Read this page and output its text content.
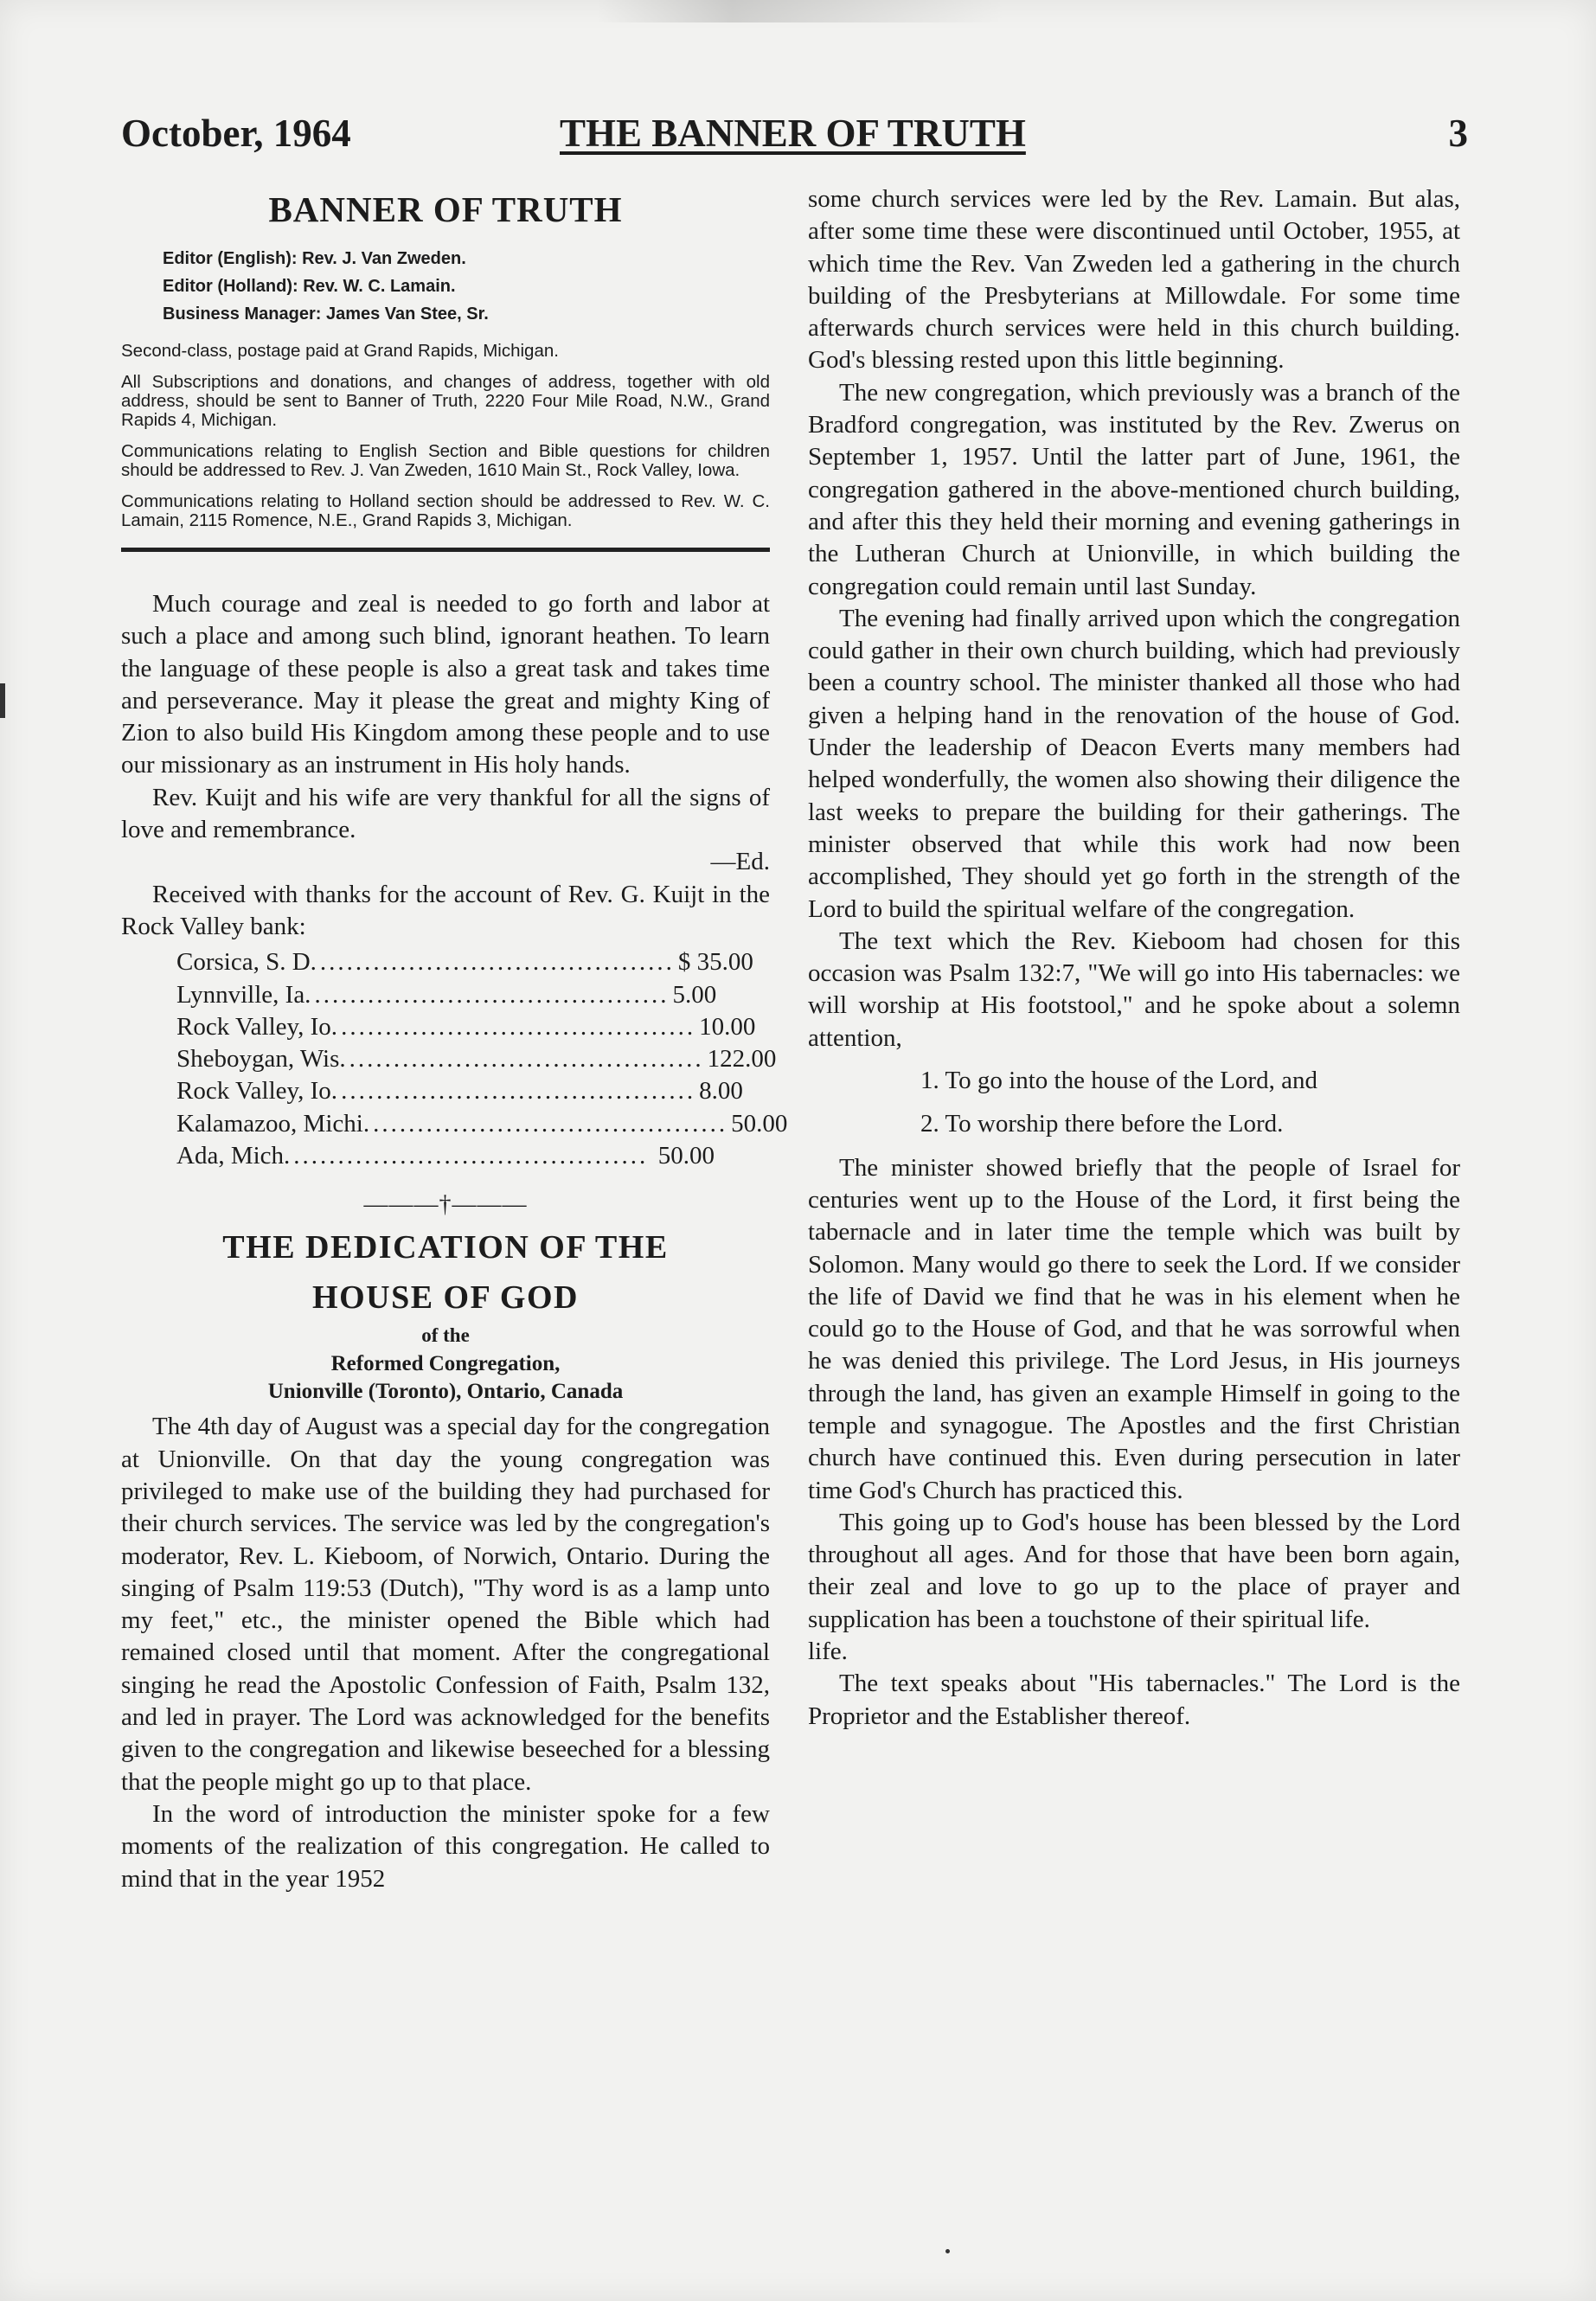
October, 1964	THE BANNER OF TRUTH	3
BANNER OF TRUTH
Editor (English): Rev. J. Van Zweden.
Editor (Holland): Rev. W. C. Lamain.
Business Manager: James Van Stee, Sr.
Second-class, postage paid at Grand Rapids, Michigan.
All Subscriptions and donations, and changes of address, together with old address, should be sent to Banner of Truth, 2220 Four Mile Road, N.W., Grand Rapids 4, Michigan.
Communications relating to English Section and Bible questions for children should be addressed to Rev. J. Van Zweden, 1610 Main St., Rock Valley, Iowa.
Communications relating to Holland section should be addressed to Rev. W. C. Lamain, 2115 Romence, N.E., Grand Rapids 3, Michigan.

Much courage and zeal is needed to go forth and labor at such a place and among such blind, ignorant heathen. To learn the language of these people is also a great task and takes time and perseverance. May it please the great and mighty King of Zion to also build His Kingdom among these people and to use our missionary as an instrument in His holy hands.

Rev. Kuijt and his wife are very thankful for all the signs of love and remembrance.

—Ed.

Received with thanks for the account of Rev. G. Kuijt in the Rock Valley bank:

Corsica, S. D. ........................................ $ 35.00
Lynnville, Ia. ........................................ 5.00
Rock Valley, Io. ........................................ 10.00
Sheboygan, Wis. ........................................ 122.00
Rock Valley, Io. ........................................ 8.00
Kalamazoo, Michi. ........................................ 50.00
Ada, Mich. ........................................ 50.00
———†———
THE DEDICATION OF THE
HOUSE OF GOD
of the
Reformed Congregation,
Unionville (Toronto), Ontario, Canada

The 4th day of August was a special day for the congregation at Unionville. On that day the young congregation was privileged to make use of the building they had purchased for their church services. The service was led by the congregation's moderator, Rev. L. Kieboom, of Norwich, Ontario. During the singing of Psalm 119:53 (Dutch), "Thy word is as a lamp unto my feet," etc., the minister opened the Bible which had remained closed until that moment. After the congregational singing he read the Apostolic Confession of Faith, Psalm 132, and led in prayer. The Lord was acknowledged for the benefits given to the congregation and likewise beseeched for a blessing that the people might go up to that place.

In the word of introduction the minister spoke for a few moments of the realization of this congregation. He called to mind that in the year 1952

some church services were led by the Rev. Lamain. But alas, after some time these were discontinued until October, 1955, at which time the Rev. Van Zweden led a gathering in the church building of the Presbyterians at Millowdale. For some time afterwards church services were held in this church building. God's blessing rested upon this little beginning.

The new congregation, which previously was a branch of the Bradford congregation, was instituted by the Rev. Zwerus on September 1, 1957. Until the latter part of June, 1961, the congregation gathered in the above-mentioned church building, and after this they held their morning and evening gatherings in the Lutheran Church at Unionville, in which building the congregation could remain until last Sunday.

The evening had finally arrived upon which the congregation could gather in their own church building, which had previously been a country school. The minister thanked all those who had given a helping hand in the renovation of the house of God. Under the leadership of Deacon Everts many members had helped wonderfully, the women also showing their diligence the last weeks to prepare the building for their gatherings. The minister observed that while this work had now been accomplished, They should yet go forth in the strength of the Lord to build the spiritual welfare of the congregation.

The text which the Rev. Kieboom had chosen for this occasion was Psalm 132:7, "We will go into His tabernacles: we will worship at His footstool," and he spoke about a solemn attention,

1. To go into the house of the Lord, and
2. To worship there before the Lord.

The minister showed briefly that the people of Israel for centuries went up to the House of the Lord, it first being the tabernacle and in later time the temple which was built by Solomon. Many would go there to seek the Lord. If we consider the life of David we find that he was in his element when he could go to the House of God, and that he was sorrowful when he was denied this privilege. The Lord Jesus, in His journeys through the land, has given an example Himself in going to the temple and synagogue. The Apostles and the first Christian church have continued this. Even during persecution in later time God's Church has practiced this.

This going up to God's house has been blessed by the Lord throughout all ages. And for those that have been born again, their zeal and love to go up to the place of prayer and supplication has been a touchstone of their spiritual life.

life.

The text speaks about "His tabernacles." The Lord is the Proprietor and the Establisher thereof.
